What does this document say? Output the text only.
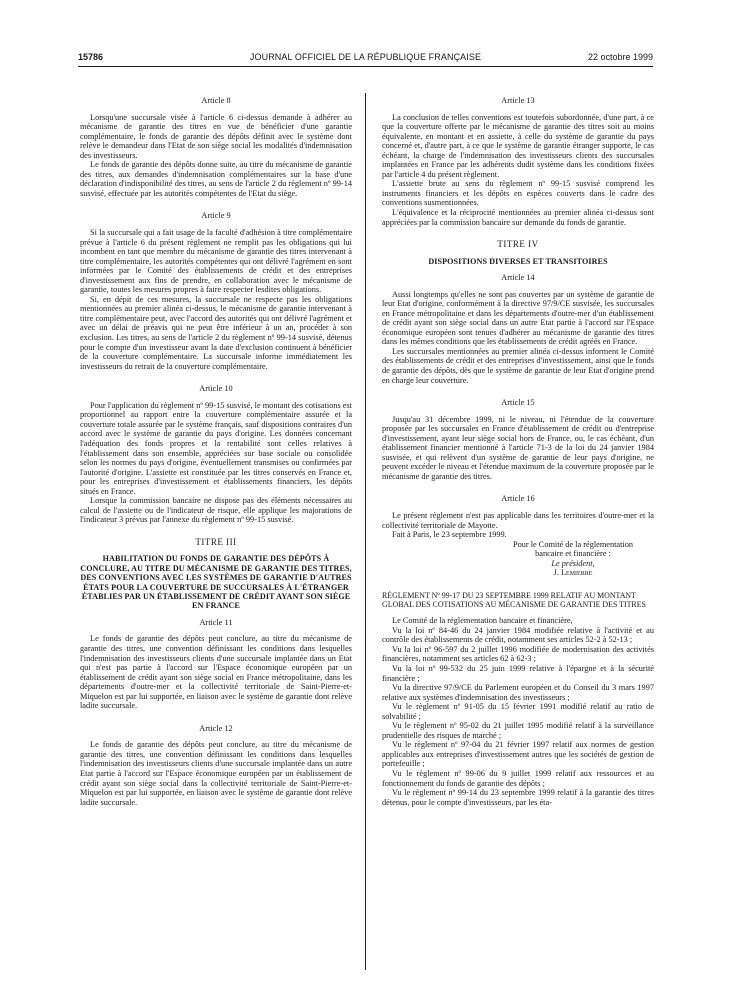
15786	JOURNAL OFFICIEL DE LA RÉPUBLIQUE FRANÇAISE	22 octobre 1999
Article 8

Lorsqu'une succursale visée à l'article 6 ci-dessus demande à adhérer au mécanisme de garantie des titres en vue de bénéficier d'une garantie complémentaire, le fonds de garantie des dépôts définit avec le système dont relève le demandeur dans l'Etat de son siège social les modalités d'indemnisation des investisseurs.

Le fonds de garantie des dépôts donne suite, au titre du mécanisme de garantie des titres, aux demandes d'indemnisation complémentaires sur la base d'une déclaration d'indisponibilité des titres, au sens de l'article 2 du règlement nº 99-14 susvisé, effectuée par les autorités compétentes de l'Etat du siège.

Article 9

Si la succursale qui a fait usage de la faculté d'adhésion à titre complémentaire prévue à l'article 6 du présent règlement ne remplit pas les obligations qui lui incombent en tant que membre du mécanisme de garantie des titres intervenant à titre complémentaire, les autorités compétentes qui ont délivré l'agrément en sont informées par le Comité des établissements de crédit et des entreprises d'investissement aux fins de prendre, en collaboration avec le mécanisme de garantie, toutes les mesures propres à faire respecter lesdites obligations.

Si, en dépit de ces mesures, la succursale ne respecte pas les obligations mentionnées au premier alinéa ci-dessus, le mécanisme de garantie intervenant à titre complémentaire peut, avec l'accord des autorités qui ont délivré l'agrément et avec un délai de préavis qui ne peut être inférieur à un an, procéder à son exclusion. Les titres, au sens de l'article 2 du règlement nº 99-14 susvisé, détenus pour le compte d'un investisseur avant la date d'exclusion continuent à bénéficier de la couverture complémentaire. La succursale informe immédiatement les investisseurs du retrait de la couverture complémentaire.

Article 10

Pour l'application du règlement nº 99-15 susvisé, le montant des cotisations est proportionnel au rapport entre la couverture complémentaire assurée et la couverture totale assurée par le système français, sauf dispositions contraires d'un accord avec le système de garantie du pays d'origine. Les données concernant l'adéquation des fonds propres et la rentabilité sont celles relatives à l'établissement dans son ensemble, appréciées sur base sociale ou consolidée selon les normes du pays d'origine, éventuellement transmises ou confirmées par l'autorité d'origine. L'assiette est constituée par les titres conservés en France et, pour les entreprises d'investissement et établissements financiers, les dépôts situés en France.

Lorsque la commission bancaire ne dispose pas des éléments nécessaires au calcul de l'assiette ou de l'indicateur de risque, elle applique les majorations de l'indicateur 3 prévus par l'annexe du règlement nº 99-15 susvisé.

TITRE III
HABILITATION DU FONDS DE GARANTIE DES DÉPÔTS À CONCLURE, AU TITRE DU MÉCANISME DE GARANTIE DES TITRES, DES CONVENTIONS AVEC LES SYSTÈMES DE GARANTIE D'AUTRES ÉTATS POUR LA COUVERTURE DE SUCCURSALES À L'ÉTRANGER ÉTABLIES PAR UN ÉTABLISSEMENT DE CRÉDIT AYANT SON SIÈGE EN FRANCE
Article 11

Le fonds de garantie des dépôts peut conclure, au titre du mécanisme de garantie des titres, une convention définissant les conditions dans lesquelles l'indemnisation des investisseurs clients d'une succursale implantée dans un Etat qui n'est pas partie à l'accord sur l'Espace économique européen par un établissement de crédit ayant son siège social en France métropolitaine, dans les départements d'outre-mer et la collectivité territoriale de Saint-Pierre-et-Miquelon est par lui supportée, en liaison avec le système de garantie dont relève ladite succursale.

Article 12

Le fonds de garantie des dépôts peut conclure, au titre du mécanisme de garantie des titres, une convention définissant les conditions dans lesquelles l'indemnisation des investisseurs clients d'une succursale implantée dans un autre Etat partie à l'accord sur l'Espace économique européen par un établissement de crédit ayant son siège social dans la collectivité territoriale de Saint-Pierre-et-Miquelon est par lui supportée, en liaison avec le système de garantie dont relève ladite succursale.

Article 13

La conclusion de telles conventions est toutefois subordonnée, d'une part, à ce que la couverture offerte par le mécanisme de garantie des titres soit au moins équivalente, en montant et en assiette, à celle du système de garantie du pays concerné et, d'autre part, à ce que le système de garantie étranger supporte, le cas échéant, la charge de l'indemnisation des investisseurs clients des succursales implantées en France par les adhérents dudit système dans les conditions fixées par l'article 4 du présent règlement.

L'assiette brute au sens du règlement nº 99-15 susvisé comprend les instruments financiers et les dépôts en espèces couverts dans le cadre des conventions susmentionnées.

L'équivalence et la réciprocité mentionnées au premier alinéa ci-dessus sont appréciées par la commission bancaire sur demande du fonds de garantie.

TITRE IV
DISPOSITIONS DIVERSES ET TRANSITOIRES
Article 14

Aussi longtemps qu'elles ne sont pas couvertes par un système de garantie de leur Etat d'origine, conformément à la directive 97/9/CE susvisée, les succursales en France métropolitaine et dans les départements d'outre-mer d'un établissement de crédit ayant son siège social dans un autre Etat partie à l'accord sur l'Espace économique européen sont tenues d'adhérer au mécanisme de garantie des titres dans les mêmes conditions que les établissements de crédit agréés en France.

Les succursales mentionnées au premier alinéa ci-dessus informent le Comité des établissements de crédit et des entreprises d'investissement, ainsi que le fonds de garantie des dépôts, dès que le système de garantie de leur Etat d'origine prend en charge leur couverture.

Article 15

Jusqu'au 31 décembre 1999, ni le niveau, ni l'étendue de la couverture proposée par les succursales en France d'établissement de crédit ou d'entreprise d'investissement, ayant leur siège social hors de France, ou, le cas échéant, d'un établissement financier mentionné à l'article 71-3 de la loi du 24 janvier 1984 susvisée, et qui relèvent d'un système de garantie de leur pays d'origine, ne peuvent excéder le niveau et l'étendue maximum de la couverture proposée par le mécanisme de garantie des titres.

Article 16

Le présent règlement n'est pas applicable dans les territoires d'outre-mer et la collectivité territoriale de Mayotte.

Fait à Paris, le 23 septembre 1999.

Pour le Comité de la réglementation
bancaire et financière :
Le président,
J. Lemierre
RÈGLEMENT Nº 99-17 DU 23 SEPTEMBRE 1999 RELATIF AU MONTANT GLOBAL DES COTISATIONS AU MÉCANISME DE GARANTIE DES TITRES

Le Comité de la réglementation bancaire et financière,

Vu la loi nº 84-46 du 24 janvier 1984 modifiée relative à l'activité et au contrôle des établissements de crédit, notamment ses articles 52-2 à 52-13 ;

Vu la loi nº 96-597 du 2 juillet 1996 modifiée de modernisation des activités financières, notamment ses articles 62 à 62-3 ;

Vu la loi nº 99-532 du 25 juin 1999 relative à l'épargne et à la sécurité financière ;

Vu la directive 97/9/CE du Parlement européen et du Conseil du 3 mars 1997 relative aux systèmes d'indemnisation des investisseurs ;

Vu le règlement nº 91-05 du 15 février 1991 modifié relatif au ratio de solvabilité ;

Vu le règlement nº 95-02 du 21 juillet 1995 modifié relatif à la surveillance prudentielle des risques de marché ;

Vu le règlement nº 97-04 du 21 février 1997 relatif aux normes de gestion applicables aux entreprises d'investissement autres que les sociétés de gestion de portefeuille ;

Vu le règlement nº 99-06 du 9 juillet 1999 relatif aux ressources et au fonctionnement du fonds de garantie des dépôts ;

Vu le règlement nº 99-14 du 23 septembre 1999 relatif à la garantie des titres détenus, pour le compte d'investisseurs, par les éta-
